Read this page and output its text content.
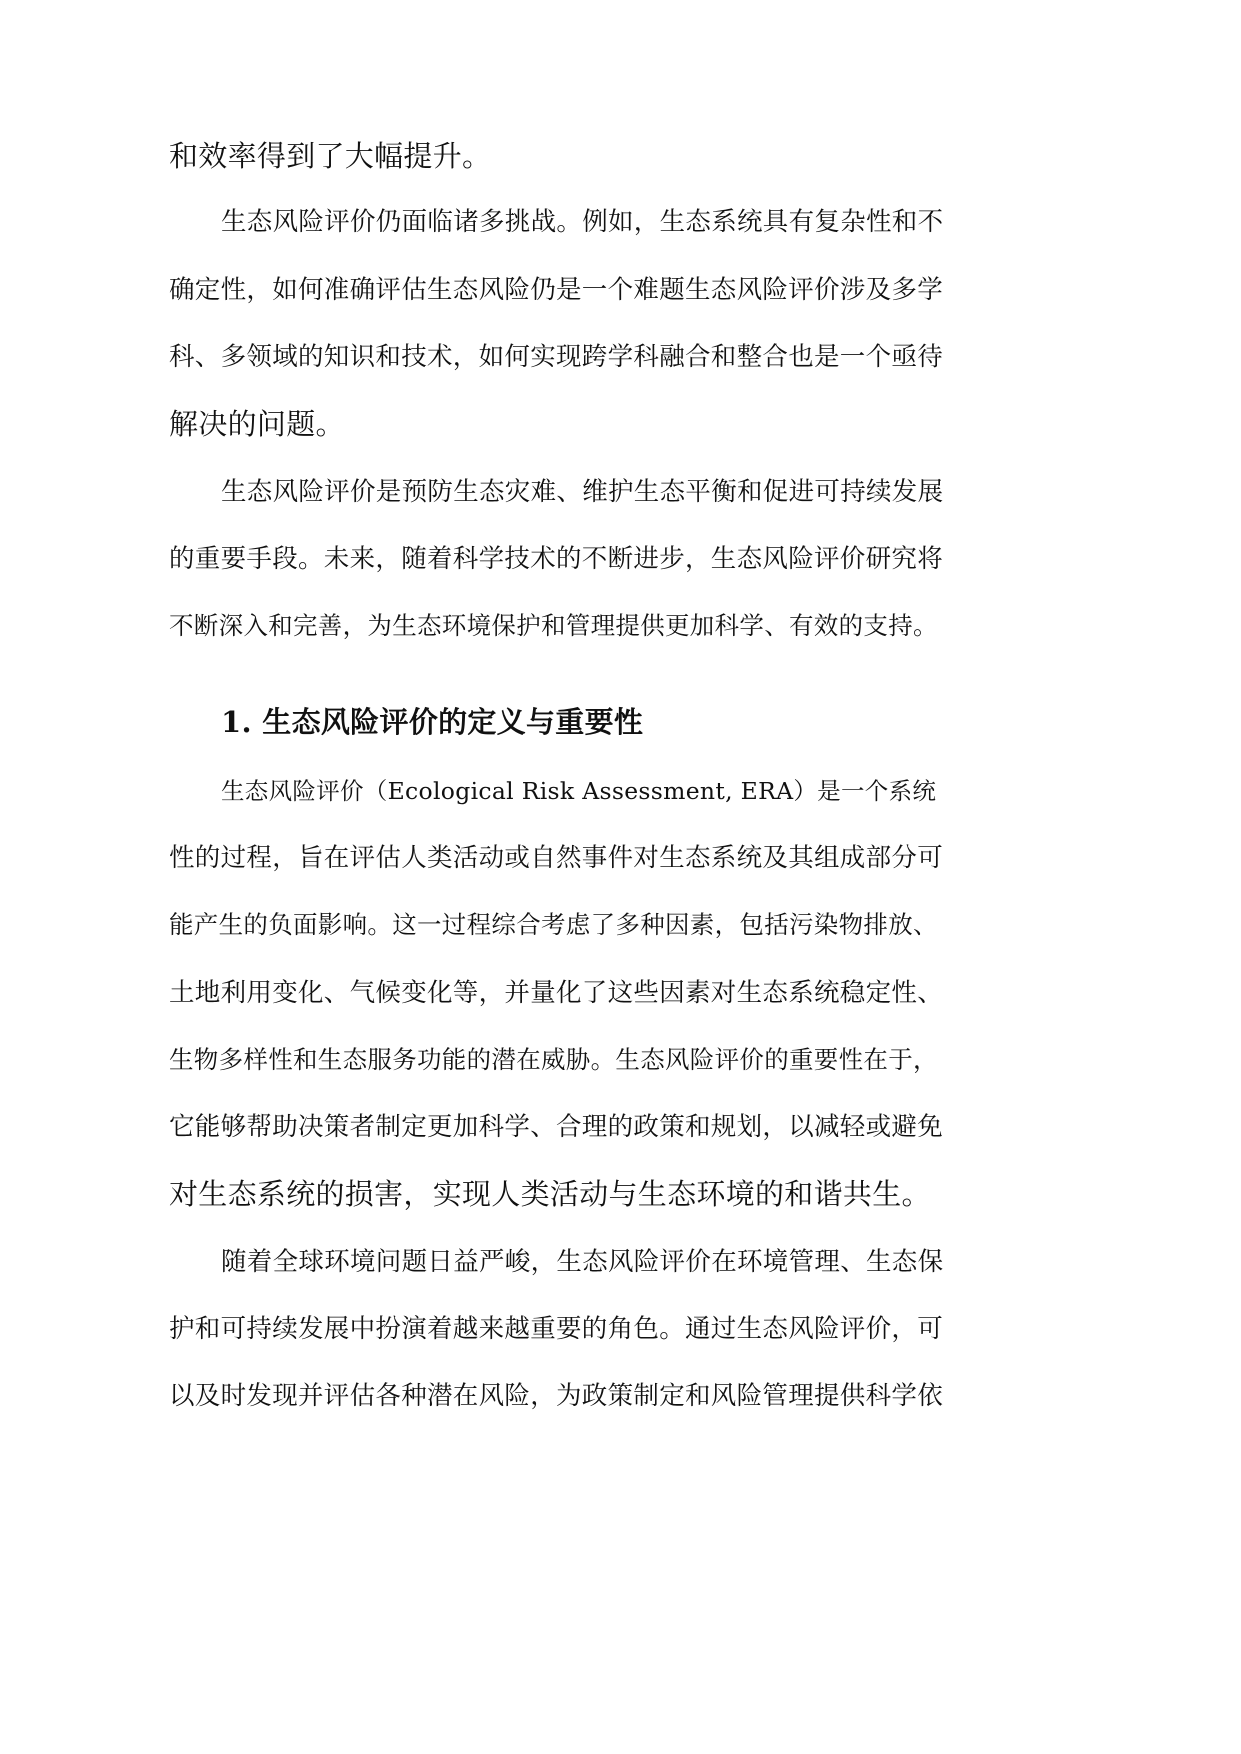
和效率得到了大幅提升。

生态风险评价仍面临诸多挑战。例如，生态系统具有复杂性和不

确定性，如何准确评估生态风险仍是一个难题生态风险评价涉及多学

科、多领域的知识和技术，如何实现跨学科融合和整合也是一个亟待

解决的问题。

生态风险评价是预防生态灾难、维护生态平衡和促进可持续发展

的重要手段。未来，随着科学技术的不断进步，生态风险评价研究将

不断深入和完善，为生态环境保护和管理提供更加科学、有效的支持。

1. 生态风险评价的定义与重要性

生态风险评价（Ecological Risk Assessment, ERA）是一个系统

性的过程，旨在评估人类活动或自然事件对生态系统及其组成部分可

能产生的负面影响。这一过程综合考虑了多种因素，包括污染物排放、

土地利用变化、气候变化等，并量化了这些因素对生态系统稳定性、

生物多样性和生态服务功能的潜在威胁。生态风险评价的重要性在于，

它能够帮助决策者制定更加科学、合理的政策和规划，以减轻或避免

对生态系统的损害，实现人类活动与生态环境的和谐共生。

随着全球环境问题日益严峻，生态风险评价在环境管理、生态保

护和可持续发展中扮演着越来越重要的角色。通过生态风险评价，可

以及时发现并评估各种潜在风险，为政策制定和风险管理提供科学依
